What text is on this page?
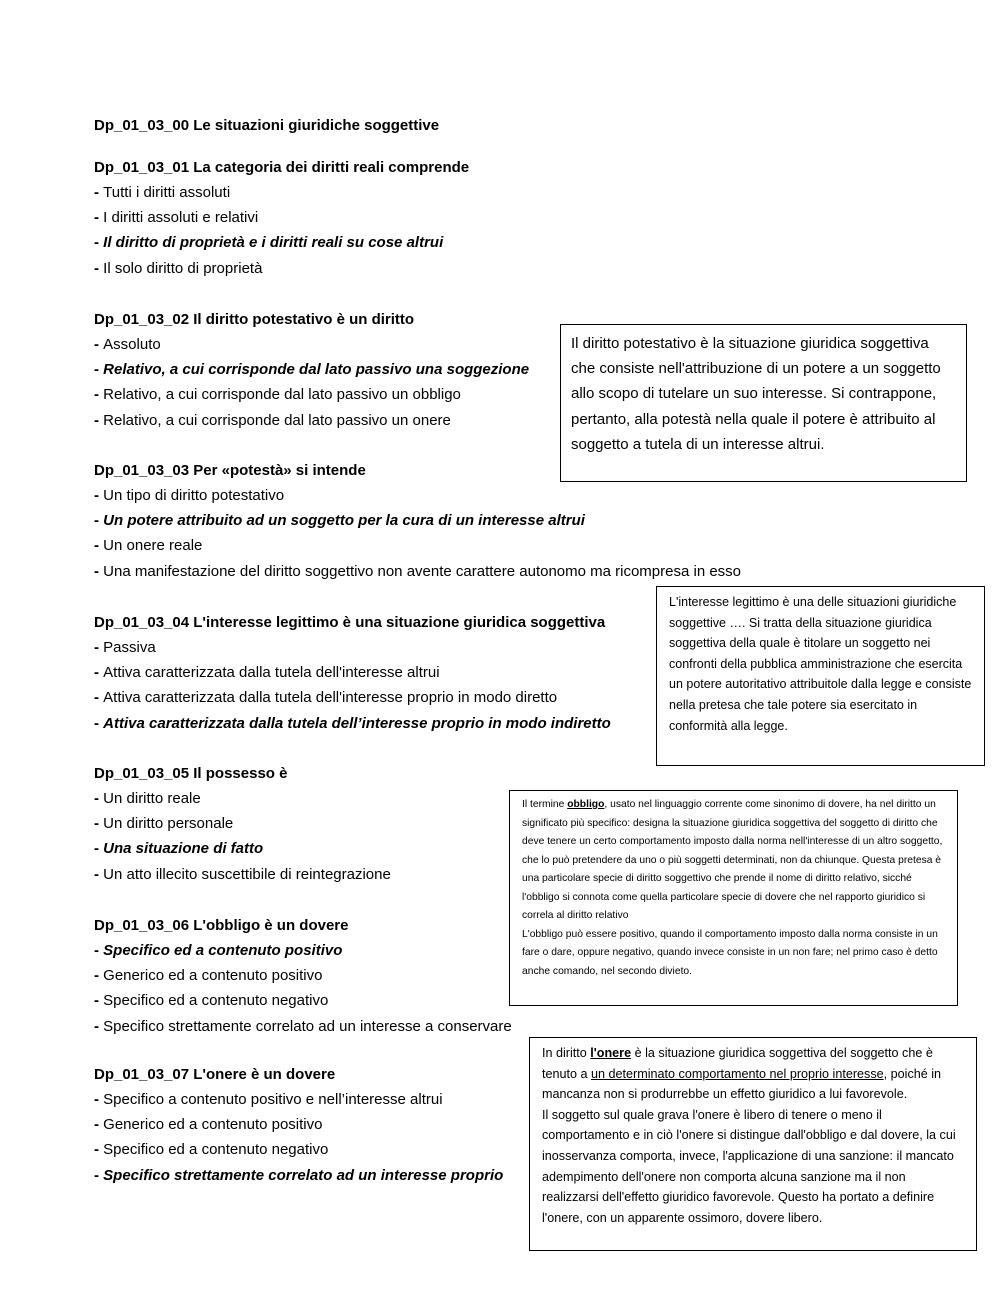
Dp_01_03_00 Le situazioni giuridiche soggettive
Dp_01_03_01 La categoria dei diritti reali comprende
- Tutti i diritti assoluti
- I diritti assoluti e relativi
- Il diritto di proprietà e i diritti reali su cose altrui
- Il solo diritto di proprietà
Dp_01_03_02 Il diritto potestativo è un diritto
- Assoluto
- Relativo, a cui corrisponde dal lato passivo una soggezione
- Relativo, a cui corrisponde dal lato passivo un obbligo
- Relativo, a cui corrisponde dal lato passivo un onere
Dp_01_03_03 Per «potestà» si intende
- Un tipo di diritto potestativo
- Un potere attribuito ad un soggetto per la cura di un interesse altrui
- Un onere reale
- Una manifestazione del diritto soggettivo non avente carattere autonomo ma ricompresa in esso
Dp_01_03_04 L'interesse legittimo è una situazione giuridica soggettiva
- Passiva
- Attiva caratterizzata dalla tutela dell'interesse altrui
- Attiva caratterizzata dalla tutela dell'interesse proprio in modo diretto
- Attiva caratterizzata dalla tutela dell’interesse proprio in modo indiretto
Dp_01_03_05 Il possesso è
- Un diritto reale
- Un diritto personale
- Una situazione di fatto
- Un atto illecito suscettibile di reintegrazione
Dp_01_03_06 L'obbligo è un dovere
- Specifico ed a contenuto positivo
- Generico ed a contenuto positivo
- Specifico ed a contenuto negativo
- Specifico strettamente correlato ad un interesse a conservare
Dp_01_03_07 L'onere è un dovere
- Specifico a contenuto positivo e nell’interesse altrui
- Generico ed a contenuto positivo
- Specifico ed a contenuto negativo
- Specifico strettamente correlato ad un interesse proprio

Il diritto potestativo è la situazione giuridica soggettiva che consiste nell'attribuzione di un potere a un soggetto allo scopo di tutelare un suo interesse. Si contrappone, pertanto, alla potestà nella quale il potere è attribuito al soggetto a tutela di un interesse altrui.

L'interesse legittimo è una delle situazioni giuridiche soggettive …. Si tratta della situazione giuridica soggettiva della quale è titolare un soggetto nei confronti della pubblica amministrazione che esercita un potere autoritativo attribuitole dalla legge e consiste nella pretesa che tale potere sia esercitato in conformità alla legge.

Il termine obbligo, usato nel linguaggio corrente come sinonimo di dovere, ha nel diritto un significato più specifico: designa la situazione giuridica soggettiva del soggetto di diritto che deve tenere un certo comportamento imposto dalla norma nell'interesse di un altro soggetto, che lo può pretendere da uno o più soggetti determinati, non da chiunque. Questa pretesa è una particolare specie di diritto soggettivo che prende il nome di diritto relativo, sicché l'obbligo si connota come quella particolare specie di dovere che nel rapporto giuridico si correla al diritto relativo

L'obbligo può essere positivo, quando il comportamento imposto dalla norma consiste in un fare o dare, oppure negativo, quando invece consiste in un non fare; nel primo caso è detto anche comando, nel secondo divieto.

In diritto l'onere è la situazione giuridica soggettiva del soggetto che è tenuto a un determinato comportamento nel proprio interesse, poiché in mancanza non si produrrebbe un effetto giuridico a lui favorevole.

Il soggetto sul quale grava l'onere è libero di tenere o meno il comportamento e in ciò l'onere si distingue dall'obbligo e dal dovere, la cui inosservanza comporta, invece, l'applicazione di una sanzione: il mancato adempimento dell'onere non comporta alcuna sanzione ma il non realizzarsi dell'effetto giuridico favorevole. Questo ha portato a definire l'onere, con un apparente ossimoro, dovere libero.
